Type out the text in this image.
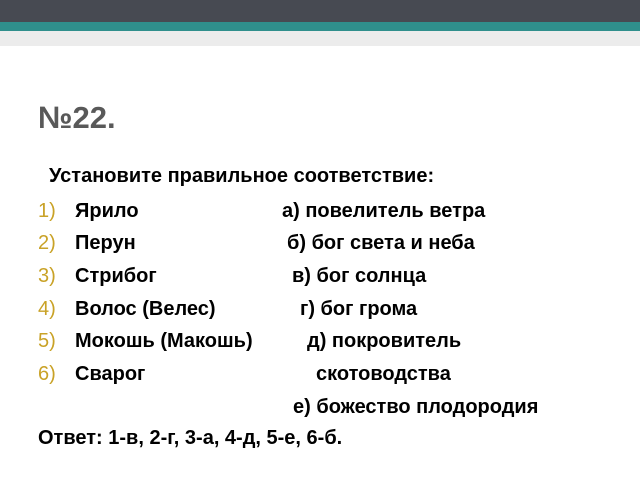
№22.
Установите правильное соответствие:
1) Ярило
2) Перун
3) Стрибог
4) Волос (Велес)
5) Мокошь (Макошь)
6) Сварог
а) повелитель ветра
б) бог света и неба
в) бог солнца
г) бог грома
д) покровитель
скотоводства
е) божество плодородия
Ответ: 1-в, 2-г, 3-а, 4-д, 5-е, 6-б.
